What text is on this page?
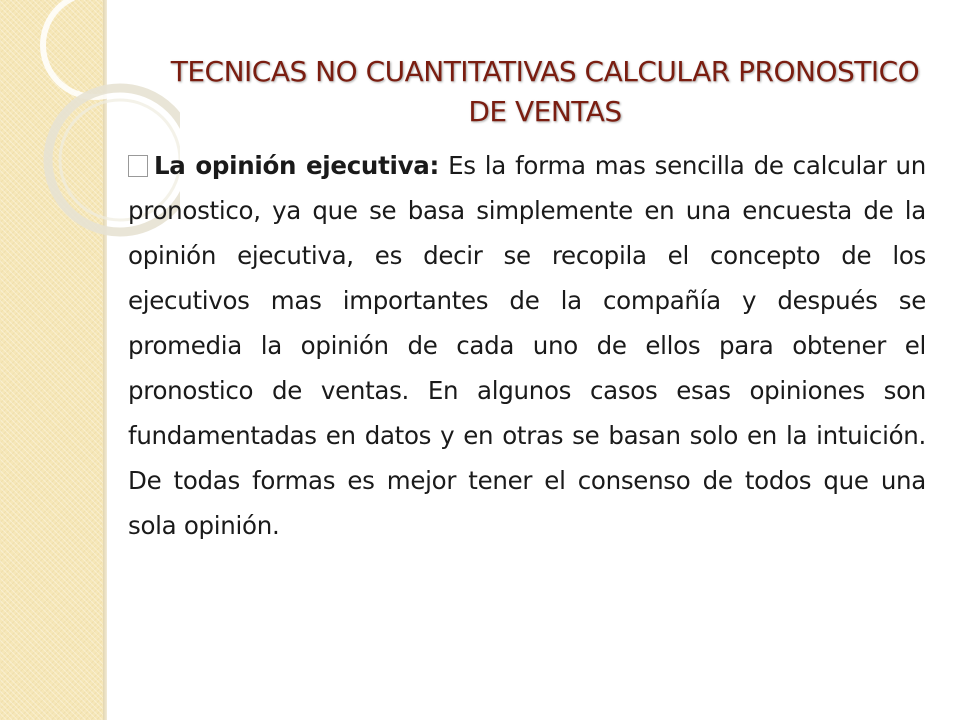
TECNICAS NO CUANTITATIVAS CALCULAR PRONOSTICO DE VENTAS
La opinión ejecutiva: Es la forma mas sencilla de calcular un pronostico, ya que se basa simplemente en una encuesta de la opinión ejecutiva, es decir se recopila el concepto de los ejecutivos mas importantes de la compañía y después se promedia la opinión de cada uno de ellos para obtener el pronostico de ventas. En algunos casos esas opiniones son fundamentadas en datos y en otras se basan solo en la intuición. De todas formas es mejor tener el consenso de todos que una sola opinión.
